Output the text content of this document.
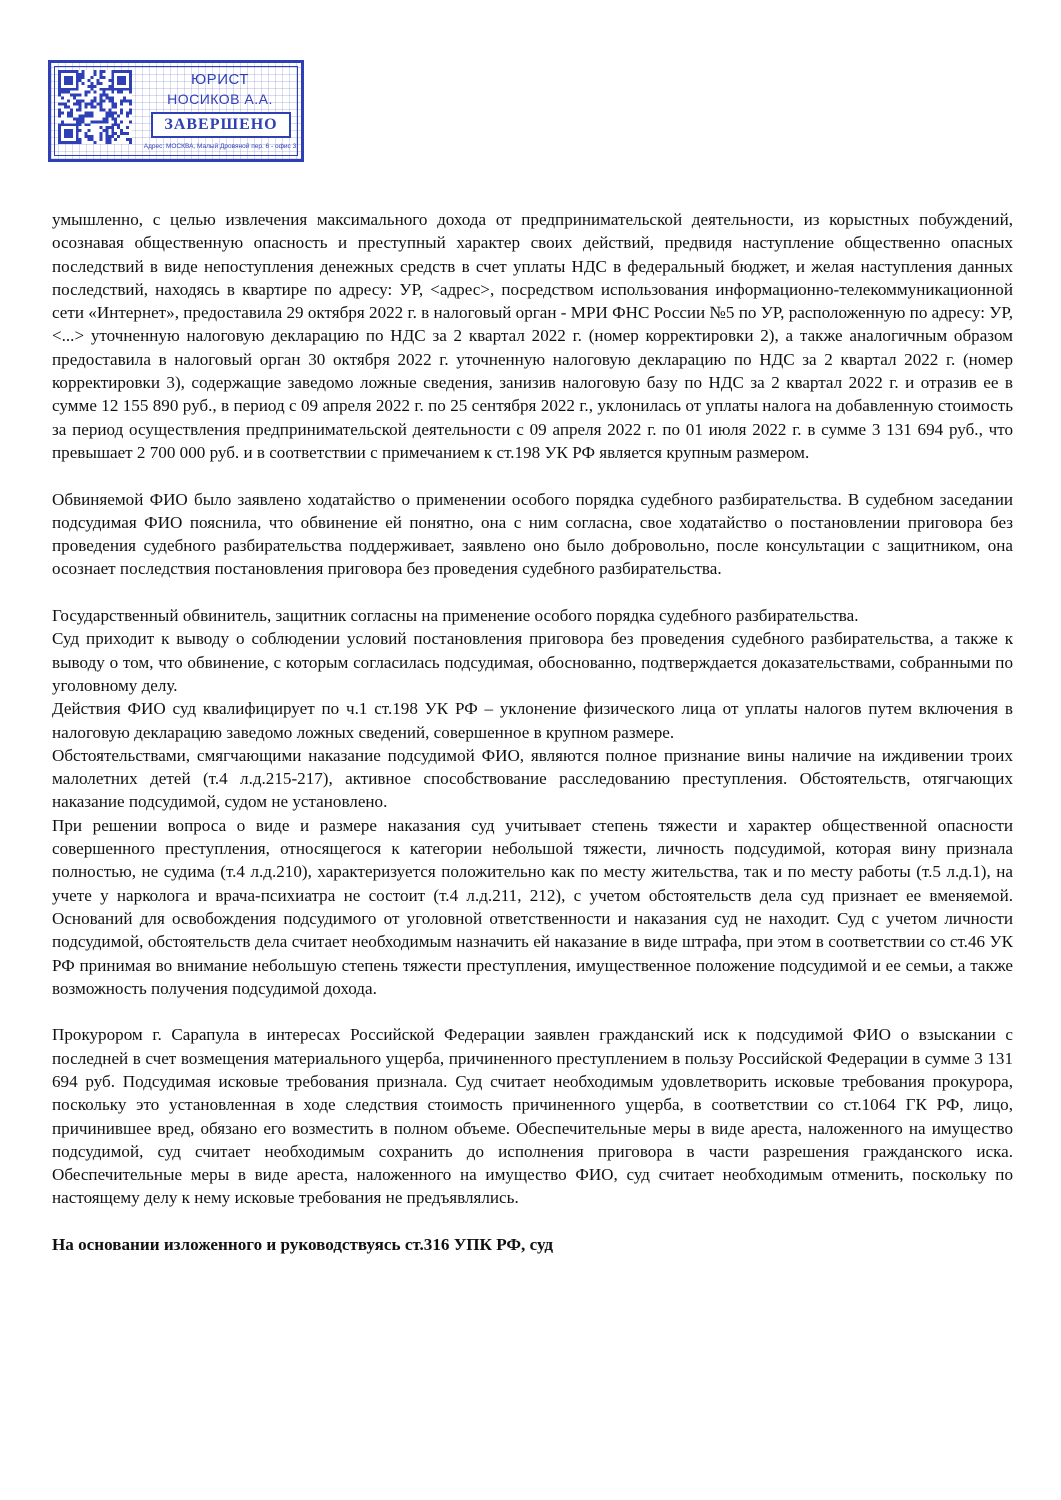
ЮРИСТ
НОСИКОВ А.А.
ЗАВЕРШЕНО
Адрес: МОСКВА, Малый Дровяной пер. 6 - офис 3

умышленно, с целью извлечения максимального дохода от предпринимательской деятельности, из корыстных побуждений, осознавая общественную опасность и преступный характер своих действий, предвидя наступление общественно опасных последствий в виде непоступления денежных средств в счет уплаты НДС в федеральный бюджет, и желая наступления данных последствий, находясь в квартире по адресу: УР, <адрес>, посредством использования информационно-телекоммуникационной сети «Интернет», предоставила 29 октября 2022 г. в налоговый орган - МРИ ФНС России №5 по УР, расположенную по адресу: УР, <...> уточненную налоговую декларацию по НДС за 2 квартал 2022 г. (номер корректировки 2), а также аналогичным образом предоставила в налоговый орган 30 октября 2022 г. уточненную налоговую декларацию по НДС за 2 квартал 2022 г. (номер корректировки 3), содержащие заведомо ложные сведения, занизив налоговую базу по НДС за 2 квартал 2022 г. и отразив ее в сумме 12 155 890 руб., в период с 09 апреля 2022 г. по 25 сентября 2022 г., уклонилась от уплаты налога на добавленную стоимость за период осуществления предпринимательской деятельности с 09 апреля 2022 г. по 01 июля 2022 г. в сумме 3 131 694 руб., что превышает 2 700 000 руб. и в соответствии с примечанием к ст.198 УК РФ является крупным размером.

Обвиняемой ФИО было заявлено ходатайство о применении особого порядка судебного разбирательства. В судебном заседании подсудимая ФИО пояснила, что обвинение ей понятно, она с ним согласна, свое ходатайство о постановлении приговора без проведения судебного разбирательства поддерживает, заявлено оно было добровольно, после консультации с защитником, она осознает последствия постановления приговора без проведения судебного разбирательства.

Государственный обвинитель, защитник согласны на применение особого порядка судебного разбирательства.

Суд приходит к выводу о соблюдении условий постановления приговора без проведения судебного разбирательства, а также к выводу о том, что обвинение, с которым согласилась подсудимая, обоснованно, подтверждается доказательствами, собранными по уголовному делу.

Действия ФИО суд квалифицирует по ч.1 ст.198 УК РФ – уклонение физического лица от уплаты налогов путем включения в налоговую декларацию заведомо ложных сведений, совершенное в крупном размере.

Обстоятельствами, смягчающими наказание подсудимой ФИО, являются полное признание вины наличие на иждивении троих малолетних детей (т.4 л.д.215-217), активное способствование расследованию преступления. Обстоятельств, отягчающих наказание подсудимой, судом не установлено.

При решении вопроса о виде и размере наказания суд учитывает степень тяжести и характер общественной опасности совершенного преступления, относящегося к категории небольшой тяжести, личность подсудимой, которая вину признала полностью, не судима (т.4 л.д.210), характеризуется положительно как по месту жительства, так и по месту работы (т.5 л.д.1), на учете у нарколога и врача-психиатра не состоит (т.4 л.д.211, 212), с учетом обстоятельств дела суд признает ее вменяемой. Оснований для освобождения подсудимого от уголовной ответственности и наказания суд не находит. Суд с учетом личности подсудимой, обстоятельств дела считает необходимым назначить ей наказание в виде штрафа, при этом в соответствии со ст.46 УК РФ принимая во внимание небольшую степень тяжести преступления, имущественное положение подсудимой и ее семьи, а также возможность получения подсудимой дохода.

Прокурором г. Сарапула в интересах Российской Федерации заявлен гражданский иск к подсудимой ФИО о взыскании с последней в счет возмещения материального ущерба, причиненного преступлением в пользу Российской Федерации в сумме 3 131 694 руб. Подсудимая исковые требования признала. Суд считает необходимым удовлетворить исковые требования прокурора, поскольку это установленная в ходе следствия стоимость причиненного ущерба, в соответствии со ст.1064 ГК РФ, лицо, причинившее вред, обязано его возместить в полном объеме. Обеспечительные меры в виде ареста, наложенного на имущество подсудимой, суд считает необходимым сохранить до исполнения приговора в части разрешения гражданского иска. Обеспечительные меры в виде ареста, наложенного на имущество ФИО, суд считает необходимым отменить, поскольку по настоящему делу к нему исковые требования не предъявлялись.

На основании изложенного и руководствуясь ст.316 УПК РФ, суд
